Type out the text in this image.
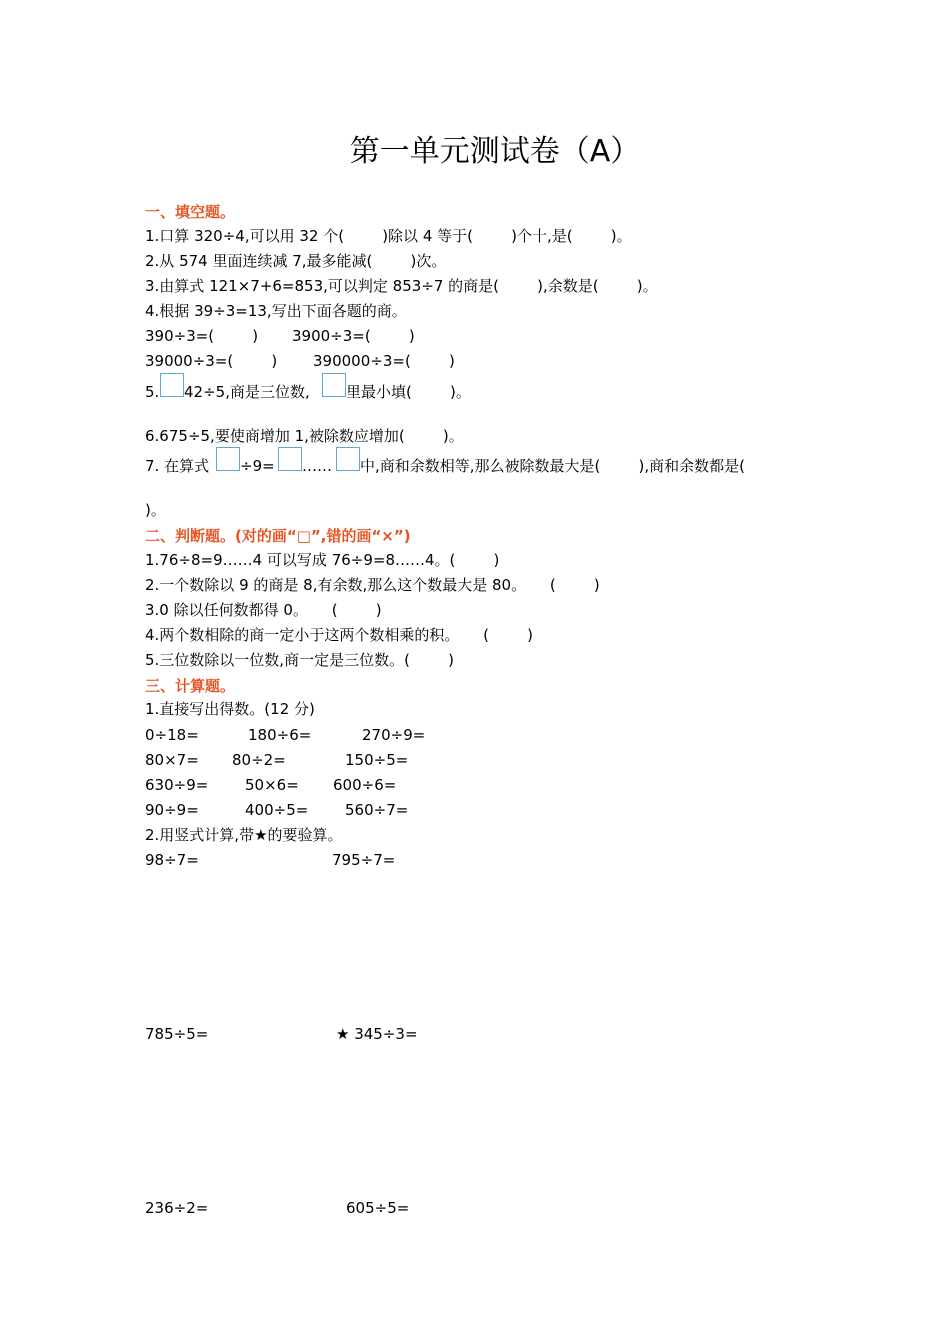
第一单元测试卷（A）
一、填空题。
1.口算 320÷4,可以用 32 个(        )除以 4 等于(        )个十,是(        )。
2.从 574 里面连续减 7,最多能减(        )次。
3.由算式 121×7+6=853,可以判定 853÷7 的商是(        ),余数是(        )。
4.根据 39÷3=13,写出下面各题的商。
390÷3=(        ) 3900÷3=(        )
39000÷3=(        ) 390000÷3=(        )
5. 42÷5,商是三位数, 里最小填(        )。
6.675÷5,要使商增加 1,被除数应增加(        )。
7. 在算式 ÷9= …… 中,商和余数相等,那么被除数最大是(        ),商和余数都是(
)。
二、判断题。(对的画“□”,错的画“×”)
1.76÷8=9……4 可以写成 76÷9=8……4。(        )
2.一个数除以 9 的商是 8,有余数,那么这个数最大是 80。     (        )
3.0 除以任何数都得 0。     (        )
4.两个数相除的商一定小于这两个数相乘的积。     (        )
5.三位数除以一位数,商一定是三位数。(        )
三、计算题。
1.直接写出得数。(12 分)
0÷18=	180÷6=	270÷9=
80×7= 80÷2=	150÷5=
630÷9= 50×6= 600÷6=
90÷9=	400÷5= 560÷7=
2.用竖式计算,带★的要验算。
98÷7=	795÷7=
785÷5=	★ 345÷3=
236÷2=	605÷5=
